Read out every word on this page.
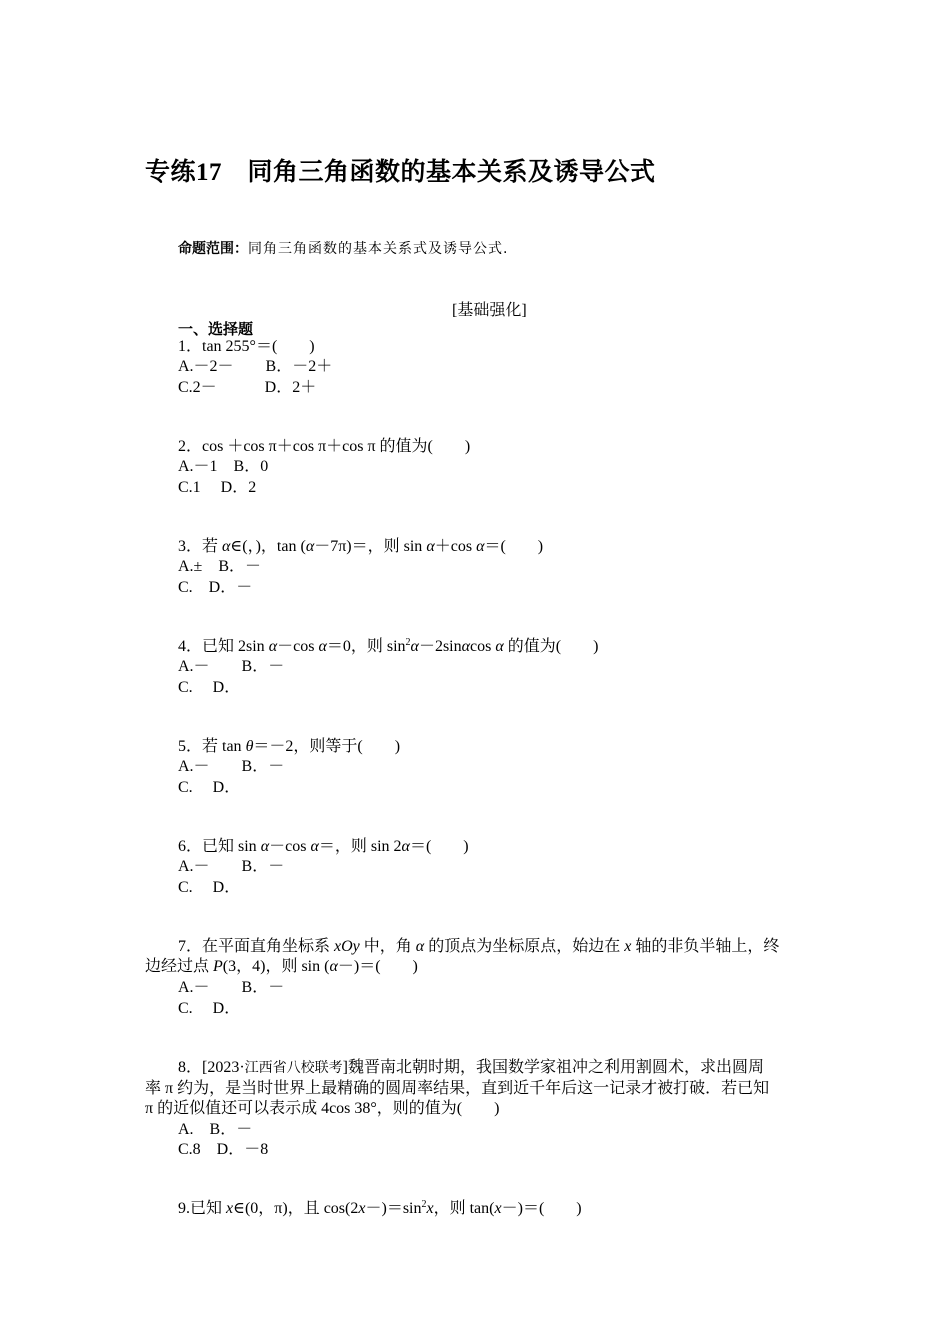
专练17　同角三角函数的基本关系及诱导公式
命题范围：同角三角函数的基本关系式及诱导公式.
[基础强化]
一、选择题
1．tan 255°＝(　　)
A.－2－　　B．－2＋
C.2－　　　D．2＋
2．cos ＋cos π＋cos π＋cos π 的值为(　　)
A.－1　B．0
C.1　 D．2
3．若 α∈(，)，tan (α－7π)＝，则 sin α＋cos α＝(　　)
A.±　B．－
C.　D．－
4．已知 2sin α－cos α＝0，则 $\sin^2\alpha-2\sin\alpha\cos$ α 的值为(　　)
A.－　　B．－
C.　 D．
5．若 tan θ＝－2，则等于(　　)
A.－　　B．－
C.　 D．
6．已知 sin α－cos α＝，则 sin 2α＝(　　)
A.－　　B．－
C.　 D．
7．在平面直角坐标系 xOy 中，角 α 的顶点为坐标原点，始边在 x 轴的非负半轴上，终
边经过点 P(3，4)，则 sin (α－)＝(　　)
A.－　　B．－
C.　 D．
8．[2023·江西省八校联考]魏晋南北朝时期，我国数学家祖冲之利用割圆术，求出圆周
率 π 约为，是当时世界上最精确的圆周率结果，直到近千年后这一记录才被打破．若已知
π 的近似值还可以表示成 4cos 38°，则的值为(　　)
A.　B．－
C.8　D．－8
9.已知 x∈(0，π)，且 $\cos(2x-)=\sin^2x$，则 tan(x－)＝(　　)
